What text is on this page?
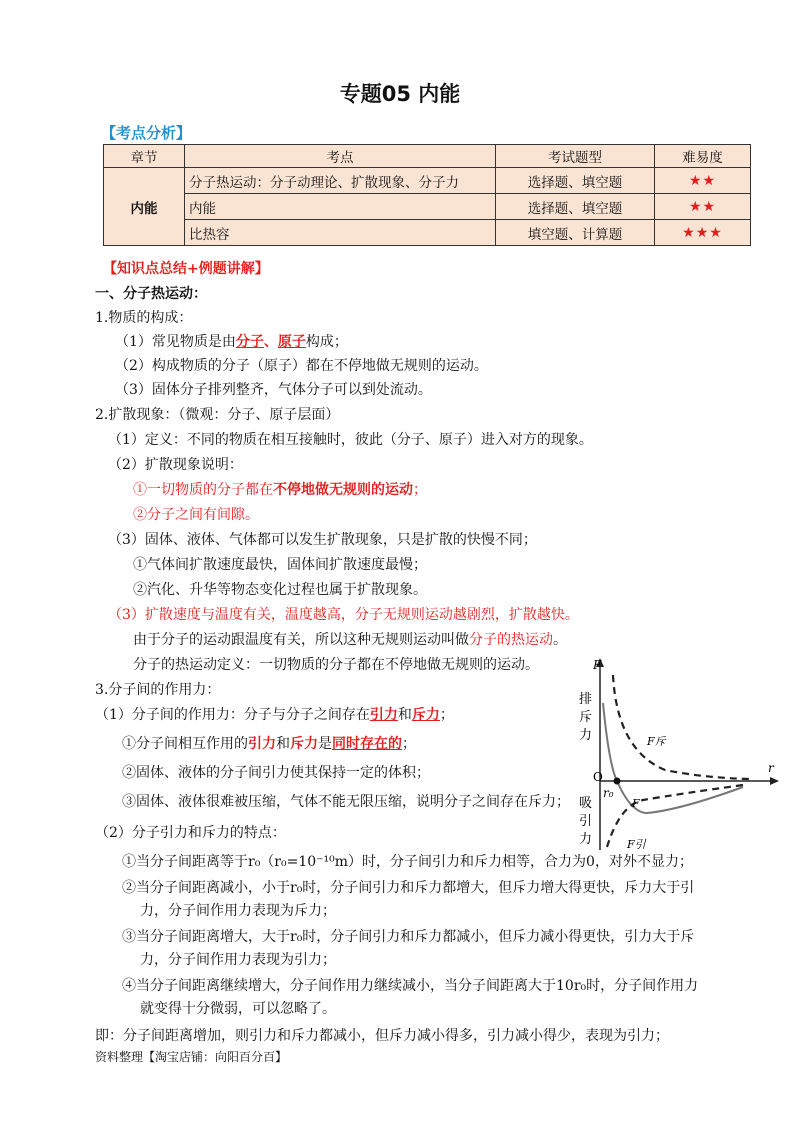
专题05 内能
【考点分析】
章节	考点	考试题型	难易度
内能	分子热运动：分子动理论、扩散现象、分子力	选择题、填空题	★★
	内能	选择题、填空题	★★
	比热容	填空题、计算题	★★★
【知识点总结+例题讲解】
一、分子热运动：
1.物质的构成：
（1）常见物质是由分子、原子构成；
（2）构成物质的分子（原子）都在不停地做无规则的运动。
（3）固体分子排列整齐，气体分子可以到处流动。
2.扩散现象：（微观：分子、原子层面）
（1）定义：不同的物质在相互接触时，彼此（分子、原子）进入对方的现象。
（2）扩散现象说明：
①一切物质的分子都在不停地做无规则的运动；
②分子之间有间隙。
（3）固体、液体、气体都可以发生扩散现象，只是扩散的快慢不同；
①气体间扩散速度最快，固体间扩散速度最慢；
②汽化、升华等物态变化过程也属于扩散现象。
（3）扩散速度与温度有关，温度越高，分子无规则运动越剧烈，扩散越快。
由于分子的运动跟温度有关，所以这种无规则运动叫做分子的热运动。
分子的热运动定义：一切物质的分子都在不停地做无规则的运动。
3.分子间的作用力：
（1）分子间的作用力：分子与分子之间存在引力和斥力；
①分子间相互作用的引力和斥力是同时存在的；
②固体、液体的分子间引力使其保持一定的体积；
③固体、液体很难被压缩，气体不能无限压缩，说明分子之间存在斥力；
（2）分子引力和斥力的特点：
①当分子间距离等于r₀（r₀=10⁻¹⁰m）时，分子间引力和斥力相等，合力为0，对外不显力；
②当分子间距离减小，小于r₀时，分子间引力和斥力都增大，但斥力增大得更快，斥力大于引
力，分子间作用力表现为斥力；
③当分子间距离增大，大于r₀时，分子间引力和斥力都减小，但斥力减小得更快，引力大于斥
力，分子间作用力表现为引力；
④当分子间距离继续增大，分子间作用力继续减小，当分子间距离大于10r₀时，分子间作用力
就变得十分微弱，可以忽略了。
即：分子间距离增加，则引力和斥力都减小，但斥力减小得多，引力减小得少，表现为引力；
资料整理【淘宝店铺：向阳百分百】
F
r
O
r₀
F斥
F
F引
排 斥 力
吸 引 力
